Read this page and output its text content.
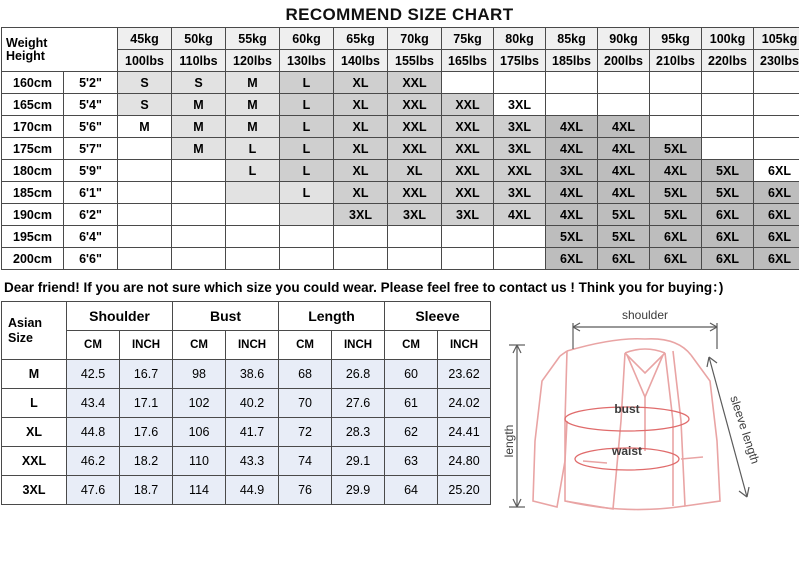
RECOMMEND SIZE CHART
Weight
Height		45kg	50kg	55kg	60kg	65kg	70kg	75kg	80kg	85kg	90kg	95kg	100kg	105kg
		100lbs	110lbs	120lbs	130lbs	140lbs	155lbs	165lbs	175lbs	185lbs	200lbs	210lbs	220lbs	230lbs
160cm	5'2"	S	S	M	L	XL	XXL							
165cm	5'4"	S	M	M	L	XL	XXL	XXL	3XL					
170cm	5'6"	M	M	M	L	XL	XXL	XXL	3XL	4XL	4XL			
175cm	5'7"		M	L	L	XL	XXL	XXL	3XL	4XL	4XL	5XL		
180cm	5'9"			L	L	XL	XL	XXL	XXL	3XL	4XL	4XL	5XL	6XL
185cm	6'1"				L	XL	XXL	XXL	3XL	4XL	4XL	5XL	5XL	6XL
190cm	6'2"					3XL	3XL	3XL	4XL	4XL	5XL	5XL	6XL	6XL
195cm	6'4"									5XL	5XL	6XL	6XL	6XL
200cm	6'6"									6XL	6XL	6XL	6XL	6XL
Dear friend! If you are not sure which size you could wear. Please feel free to contact us ! Think you for buying：)
Asian
Size	Shoulder		Bust		Length		Sleeve	
	CM	INCH	CM	INCH	CM	INCH	CM	INCH
M	42.5	16.7	98	38.6	68	26.8	60	23.62
L	43.4	17.1	102	40.2	70	27.6	61	24.02
XL	44.8	17.6	106	41.7	72	28.3	62	24.41
XXL	46.2	18.2	110	43.3	74	29.1	63	24.80
3XL	47.6	18.7	114	44.9	76	29.9	64	25.20
shoulder
length
bust
waist	sleeve length
